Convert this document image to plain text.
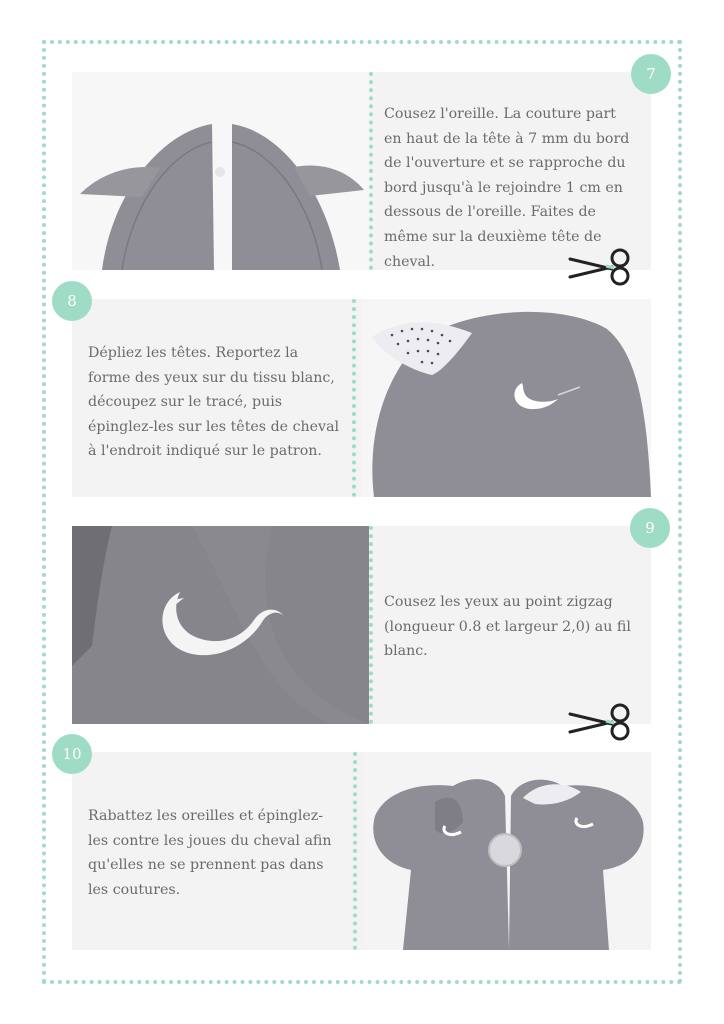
Cousez l'oreille. La couture part en haut de la tête à 7 mm du bord de l'ouverture et se rapproche du bord jusqu'à le rejoindre 1 cm en dessous de l'oreille. Faites de même sur la deuxième tête de cheval.

7

Dépliez les têtes. Reportez la forme des yeux sur du tissu blanc, découpez sur le tracé, puis épinglez-les sur les têtes de cheval à l'endroit indiqué sur le patron.

8

Cousez les yeux au point zigzag (longueur 0.8 et largeur 2,0) au fil blanc.

9

Rabattez les oreilles et épinglez-les contre les joues du cheval afin qu'elles ne se prennent pas dans les coutures.

10
